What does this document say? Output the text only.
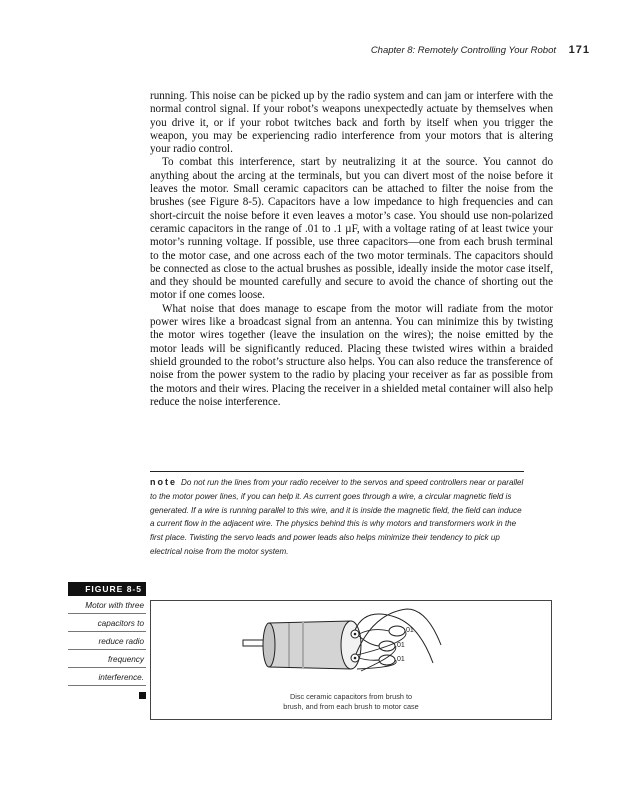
Chapter 8: Remotely Controlling Your Robot 171

running. This noise can be picked up by the radio system and can jam or interfere with the normal control signal. If your robot’s weapons unexpectedly actuate by themselves when you drive it, or if your robot twitches back and forth by itself when you trigger the weapon, you may be experiencing radio interference from your motors that is altering your radio control.

To combat this interference, start by neutralizing it at the source. You cannot do anything about the arcing at the terminals, but you can divert most of the noise before it leaves the motor. Small ceramic capacitors can be attached to filter the noise from the brushes (see Figure 8-5). Capacitors have a low impedance to high frequencies and can short-circuit the noise before it even leaves a motor’s case. You should use non-polarized ceramic capacitors in the range of .01 to .1 µF, with a voltage rating of at least twice your motor’s running voltage. If possible, use three capacitors—one from each brush terminal to the motor case, and one across each of the two motor terminals. The capacitors should be connected as close to the actual brushes as possible, ideally inside the motor case itself, and they should be mounted carefully and secure to avoid the chance of shorting out the motor if one comes loose.

What noise that does manage to escape from the motor will radiate from the motor power wires like a broadcast signal from an antenna. You can minimize this by twisting the motor wires together (leave the insulation on the wires); the noise emitted by the motor leads will be significantly reduced. Placing these twisted wires within a braided shield grounded to the robot’s structure also helps. You can also reduce the transference of noise from the power system to the radio by placing your receiver as far as possible from the motors and their wires. Placing the receiver in a shielded metal container will also help reduce the noise interference.

note Do not run the lines from your radio receiver to the servos and speed controllers near or parallel to the motor power lines, if you can help it. As current goes through a wire, a circular magnetic field is generated. If a wire is running parallel to this wire, and it is inside the magnetic field, the field can induce a current flow in the adjacent wire. The physics behind this is why motors and transformers work in the first place. Twisting the servo leads and power leads also helps minimize their tendency to pick up electrical noise from the motor system.
FIGURE 8-5
Motor with three
capacitors to
reduce radio
frequency
interference.
.01
.01
.01
Disc ceramic capacitors from brush to
brush, and from each brush to motor case
